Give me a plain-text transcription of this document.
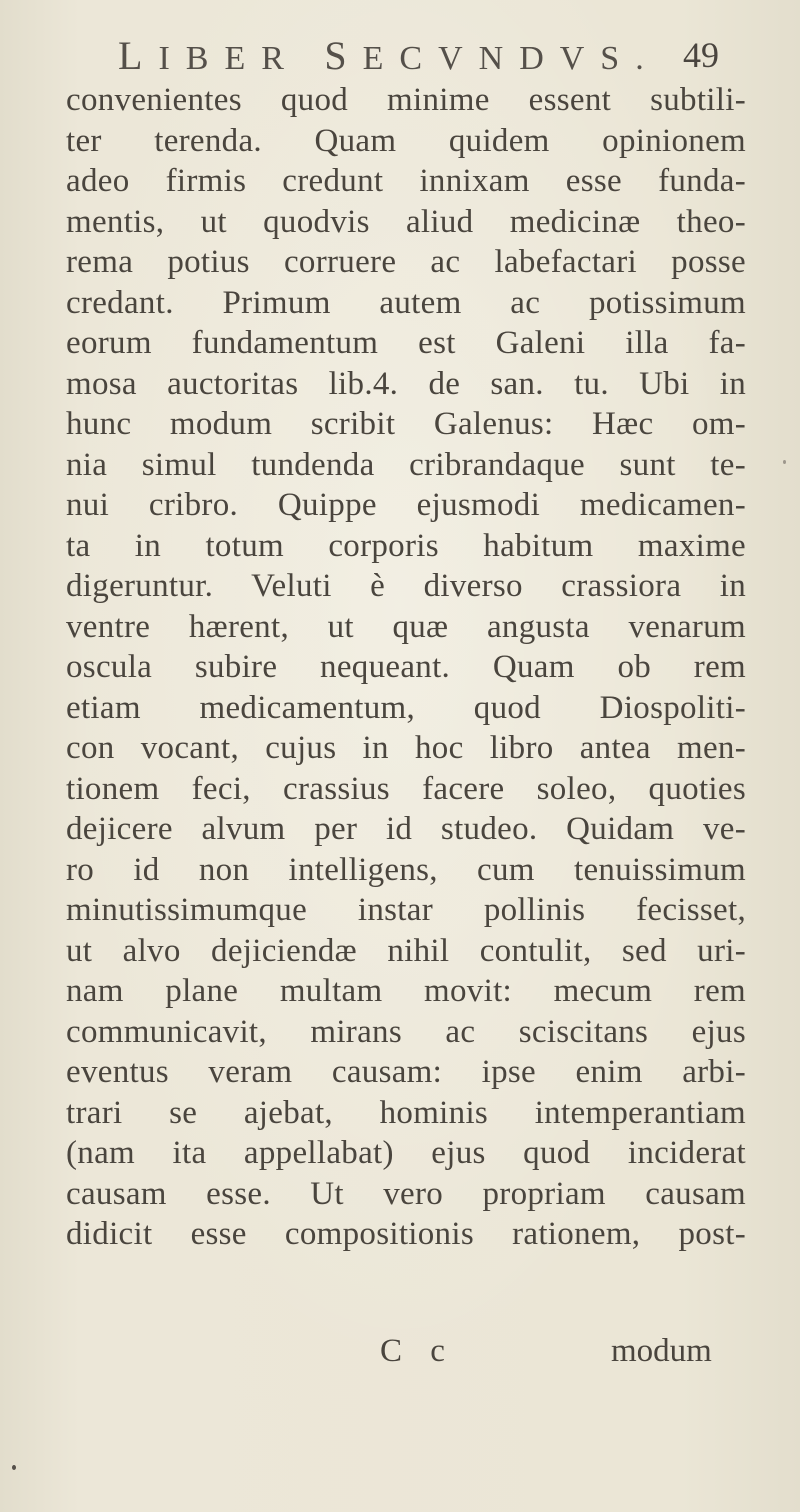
LIBER SECVNDVS. 49
convenientes quod minime essent subtili-
ter terenda. Quam quidem opinionem
adeo firmis credunt innixam esse funda-
mentis, ut quodvis aliud medicinæ theo-
rema potius corruere ac labefactari posse
credant. Primum autem ac potissimum
eorum fundamentum est Galeni illa fa-
mosa auctoritas lib.4. de san. tu. Ubi in
hunc modum scribit Galenus: Hæc om-
nia simul tundenda cribrandaque sunt te-
nui cribro. Quippe ejusmodi medicamen-
ta in totum corporis habitum maxime
digeruntur. Veluti è diverso crassiora in
ventre hærent, ut quæ angusta venarum
oscula subire nequeant. Quam ob rem
etiam medicamentum, quod Diospoliti-
con vocant, cujus in hoc libro antea men-
tionem feci, crassius facere soleo, quoties
dejicere alvum per id studeo. Quidam ve-
ro id non intelligens, cum tenuissimum
minutissimumque instar pollinis fecisset,
ut alvo dejiciendæ nihil contulit, sed uri-
nam plane multam movit: mecum rem
communicavit, mirans ac sciscitans ejus
eventus veram causam: ipse enim arbi-
trari se ajebat, hominis intemperantiam
(nam ita appellabat) ejus quod inciderat
causam esse. Ut vero propriam causam
didicit esse compositionis rationem, post-
C c	modum
